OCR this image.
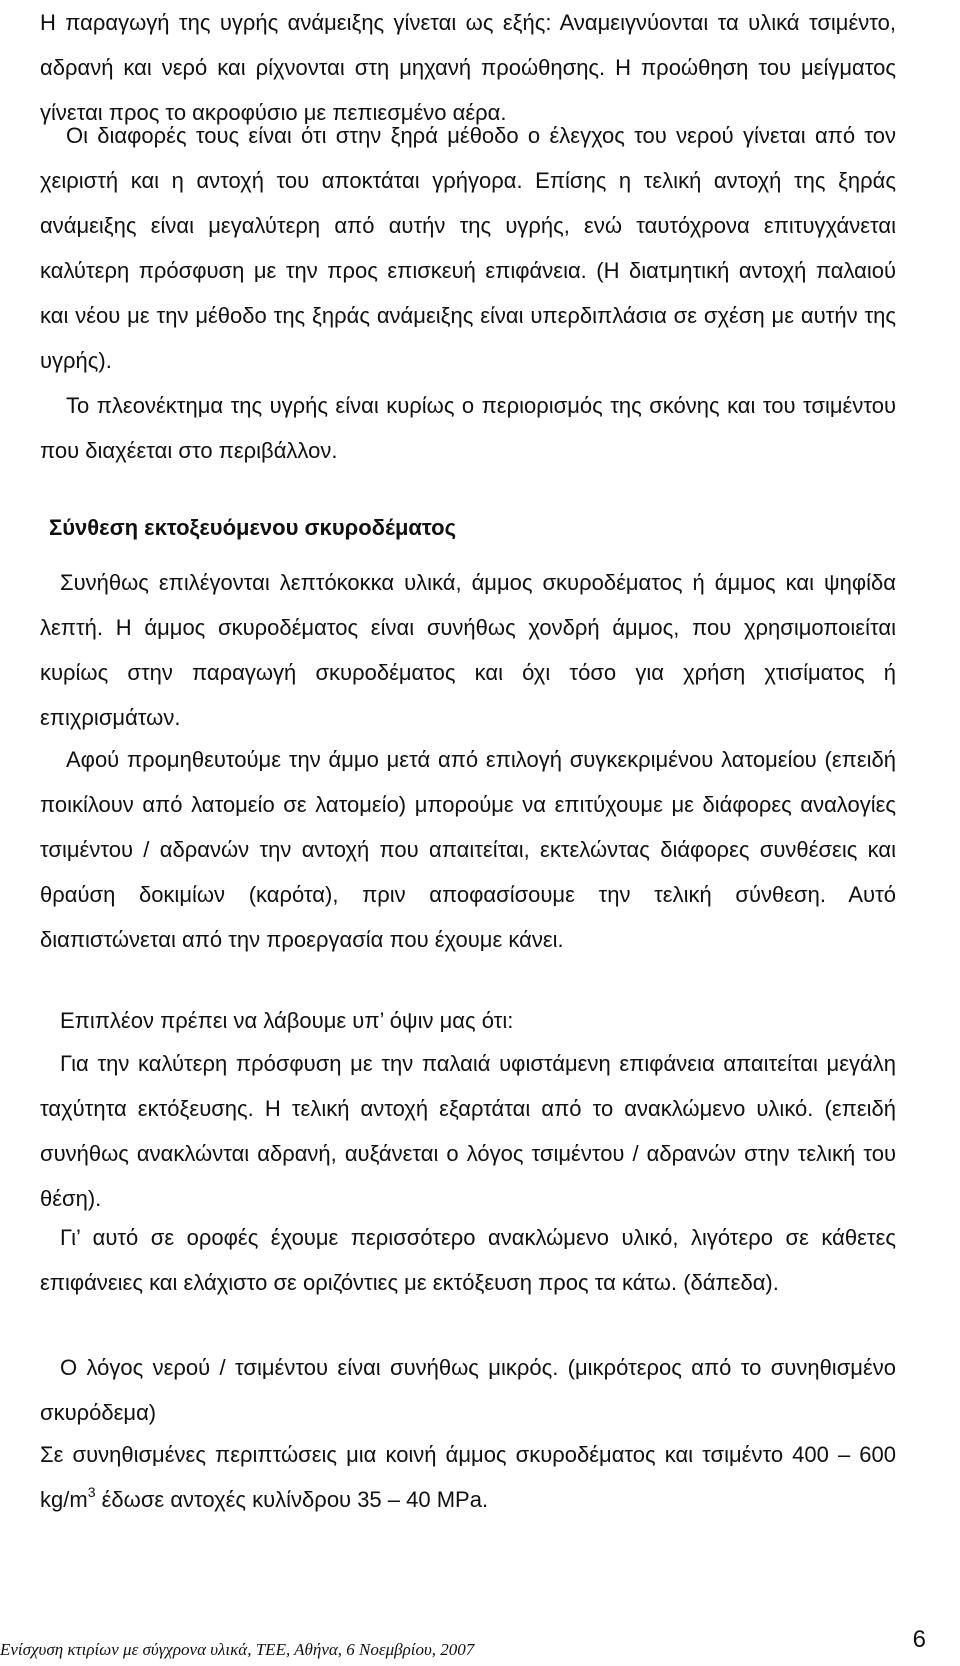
Η παραγωγή της υγρής ανάμειξης γίνεται ως εξής: Αναμειγνύονται τα υλικά τσιμέντο, αδρανή και νερό και ρίχνονται στη μηχανή προώθησης. Η προώθηση του μείγματος γίνεται προς το ακροφύσιο με πεπιεσμένο αέρα.

Οι διαφορές τους είναι ότι στην ξηρά μέθοδο ο έλεγχος του νερού γίνεται από τον χειριστή και η αντοχή του αποκτάται γρήγορα. Επίσης η τελική αντοχή της ξηράς ανάμειξης είναι μεγαλύτερη από αυτήν της υγρής, ενώ ταυτόχρονα επιτυγχάνεται καλύτερη πρόσφυση με την προς επισκευή επιφάνεια. (Η διατμητική αντοχή παλαιού και νέου με την μέθοδο της ξηράς ανάμειξης είναι υπερδιπλάσια σε σχέση με αυτήν της υγρής).

Το πλεονέκτημα της υγρής είναι κυρίως ο περιορισμός της σκόνης και του τσιμέντου που διαχέεται στο περιβάλλον.

Σύνθεση εκτοξευόμενου σκυροδέματος

Συνήθως επιλέγονται λεπτόκοκκα υλικά, άμμος σκυροδέματος ή άμμος και ψηφίδα λεπτή. Η άμμος σκυροδέματος είναι συνήθως χονδρή άμμος, που χρησιμοποιείται κυρίως στην παραγωγή σκυροδέματος και όχι τόσο για χρήση χτισίματος ή επιχρισμάτων.

Αφού προμηθευτούμε την άμμο μετά από επιλογή συγκεκριμένου λατομείου (επειδή ποικίλουν από λατομείο σε λατομείο) μπορούμε να επιτύχουμε με διάφορες αναλογίες τσιμέντου / αδρανών την αντοχή που απαιτείται, εκτελώντας διάφορες συνθέσεις και θραύση δοκιμίων (καρότα), πριν αποφασίσουμε την τελική σύνθεση. Αυτό διαπιστώνεται από την προεργασία που έχουμε κάνει.

Επιπλέον πρέπει να λάβουμε υπ’ όψιν μας ότι:

Για την καλύτερη πρόσφυση με την παλαιά υφιστάμενη επιφάνεια απαιτείται μεγάλη ταχύτητα εκτόξευσης. Η τελική αντοχή εξαρτάται από το ανακλώμενο υλικό. (επειδή συνήθως ανακλώνται αδρανή, αυξάνεται ο λόγος τσιμέντου / αδρανών στην τελική του θέση).

Γι’ αυτό σε οροφές έχουμε περισσότερο ανακλώμενο υλικό, λιγότερο σε κάθετες επιφάνειες και ελάχιστο σε οριζόντιες με εκτόξευση προς τα κάτω. (δάπεδα).

Ο λόγος νερού / τσιμέντου είναι συνήθως μικρός. (μικρότερος από το συνηθισμένο σκυρόδεμα)

Σε συνηθισμένες περιπτώσεις μια κοινή άμμος σκυροδέματος και τσιμέντο 400 – 600 $kg/m^3$ έδωσε αντοχές κυλίνδρου 35 – 40 MPa.

Ενίσχυση κτιρίων με σύγχρονα υλικά, ΤΕΕ, Αθήνα, 6 Νοεμβρίου, 2007	6
